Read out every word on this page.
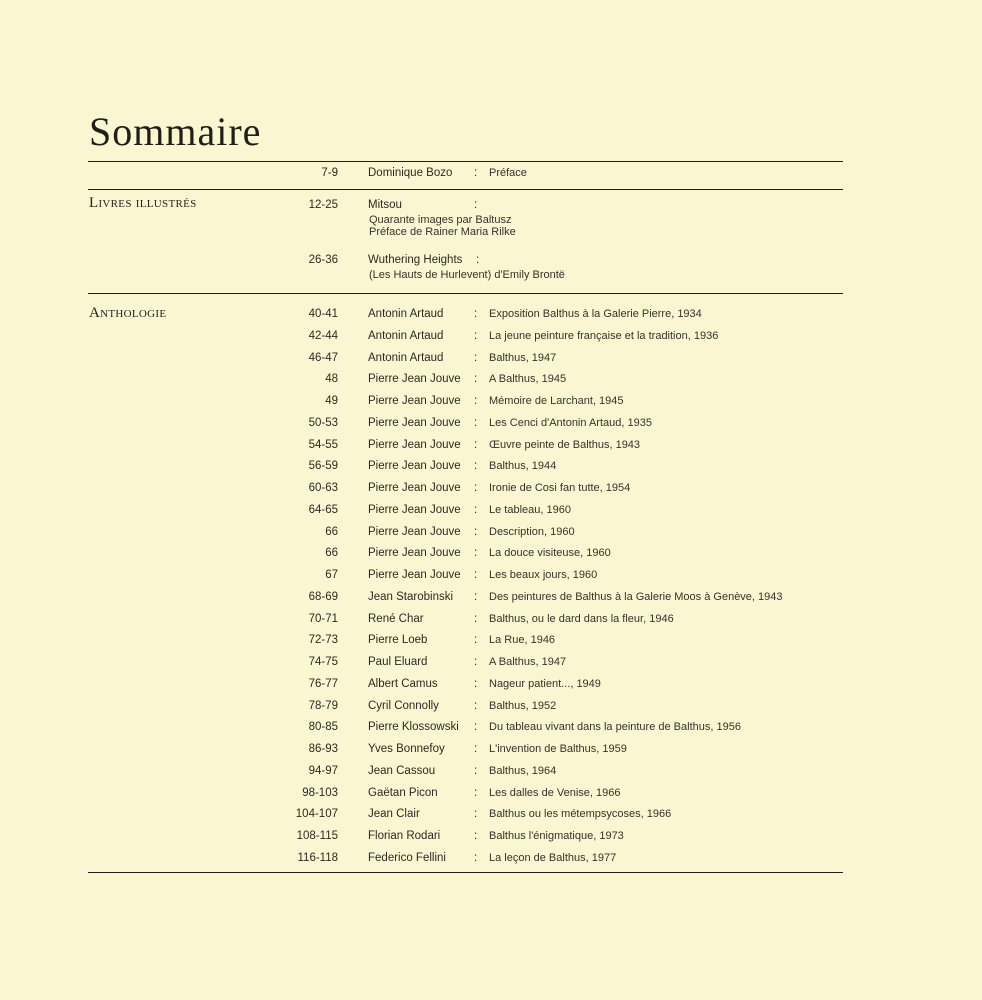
Sommaire
7-9	Dominique Bozo : Préface
Livres illustrés	12-25	Mitsou	:
Quarante images par Baltusz
Préface de Rainer Maria Rilke
26-36	Wuthering Heights :
(Les Hauts de Hurlevent) d'Emily Brontë
Anthologie	40-41	Antonin Artaud	: Exposition Balthus à la Galerie Pierre, 1934
42-44	Antonin Artaud	: La jeune peinture française et la tradition, 1936
46-47	Antonin Artaud	: Balthus, 1947
48	Pierre Jean Jouve : A Balthus, 1945
49	Pierre Jean Jouve : Mémoire de Larchant, 1945
50-53	Pierre Jean Jouve : Les Cenci d'Antonin Artaud, 1935
54-55	Pierre Jean Jouve : Œuvre peinte de Balthus, 1943
56-59	Pierre Jean Jouve : Balthus, 1944
60-63	Pierre Jean Jouve : Ironie de Cosi fan tutte, 1954
64-65	Pierre Jean Jouve : Le tableau, 1960
66	Pierre Jean Jouve : Description, 1960
66	Pierre Jean Jouve : La douce visiteuse, 1960
67	Pierre Jean Jouve : Les beaux jours, 1960
68-69	Jean Starobinski : Des peintures de Balthus à la Galerie Moos à Genève, 1943
70-71	René Char	: Balthus, ou le dard dans la fleur, 1946
72-73	Pierre Loeb	: La Rue, 1946
74-75	Paul Eluard	: A Balthus, 1947
76-77	Albert Camus	: Nageur patient..., 1949
78-79	Cyril Connolly	: Balthus, 1952
80-85	Pierre Klossowski : Du tableau vivant dans la peinture de Balthus, 1956
86-93	Yves Bonnefoy	: L'invention de Balthus, 1959
94-97	Jean Cassou	: Balthus, 1964
98-103	Gaëtan Picon	: Les dalles de Venise, 1966
104-107	Jean Clair	: Balthus ou les métempsycoses, 1966
108-115	Florian Rodari	: Balthus l'énigmatique, 1973
116-118	Federico Fellini : La leçon de Balthus, 1977
